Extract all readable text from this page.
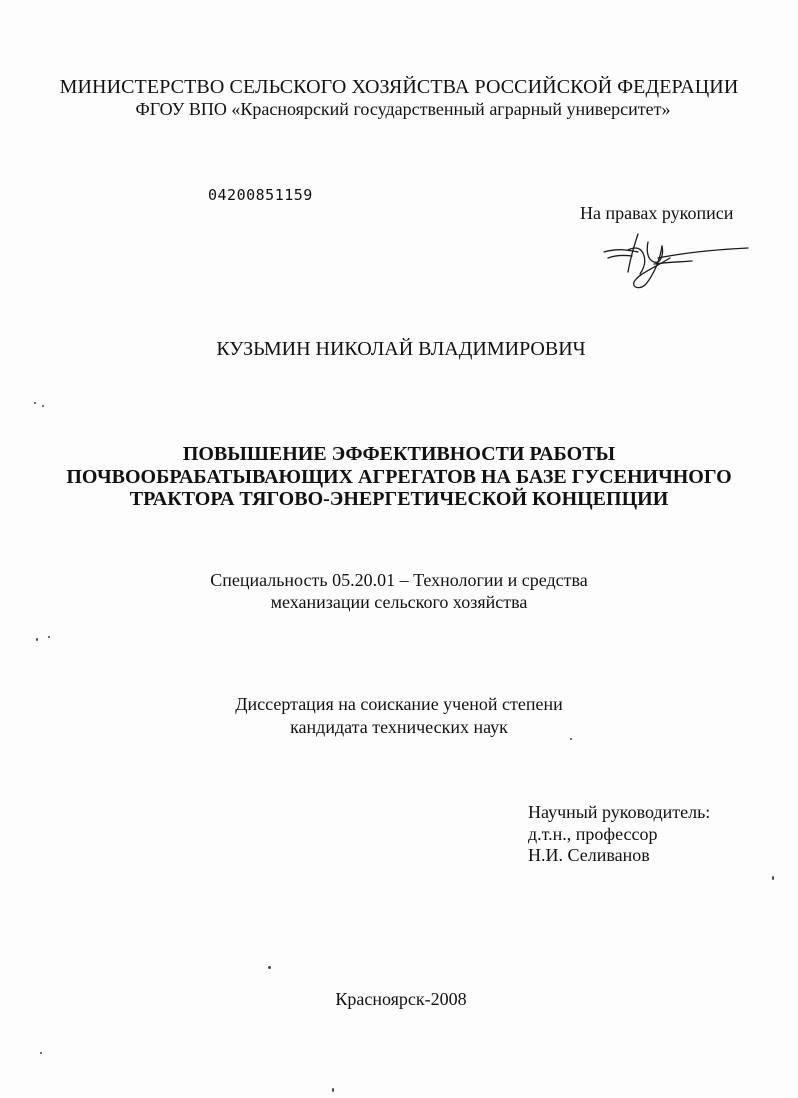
МИНИСТЕРСТВО СЕЛЬСКОГО ХОЗЯЙСТВА РОССИЙСКОЙ ФЕДЕРАЦИИ
ФГОУ ВПО «Красноярский государственный аграрный университет»
04200851159
На правах рукописи
КУЗЬМИН НИКОЛАЙ ВЛАДИМИРОВИЧ
ПОВЫШЕНИЕ ЭФФЕКТИВНОСТИ РАБОТЫ
ПОЧВООБРАБАТЫВАЮЩИХ АГРЕГАТОВ НА БАЗЕ ГУСЕНИЧНОГО
ТРАКТОРА ТЯГОВО-ЭНЕРГЕТИЧЕСКОЙ КОНЦЕПЦИИ
Специальность 05.20.01 – Технологии и средства
механизации сельского хозяйства
Диссертация на соискание ученой степени
кандидата технических наук
Научный руководитель:
д.т.н., профессор
Н.И. Селиванов
Красноярск-2008
